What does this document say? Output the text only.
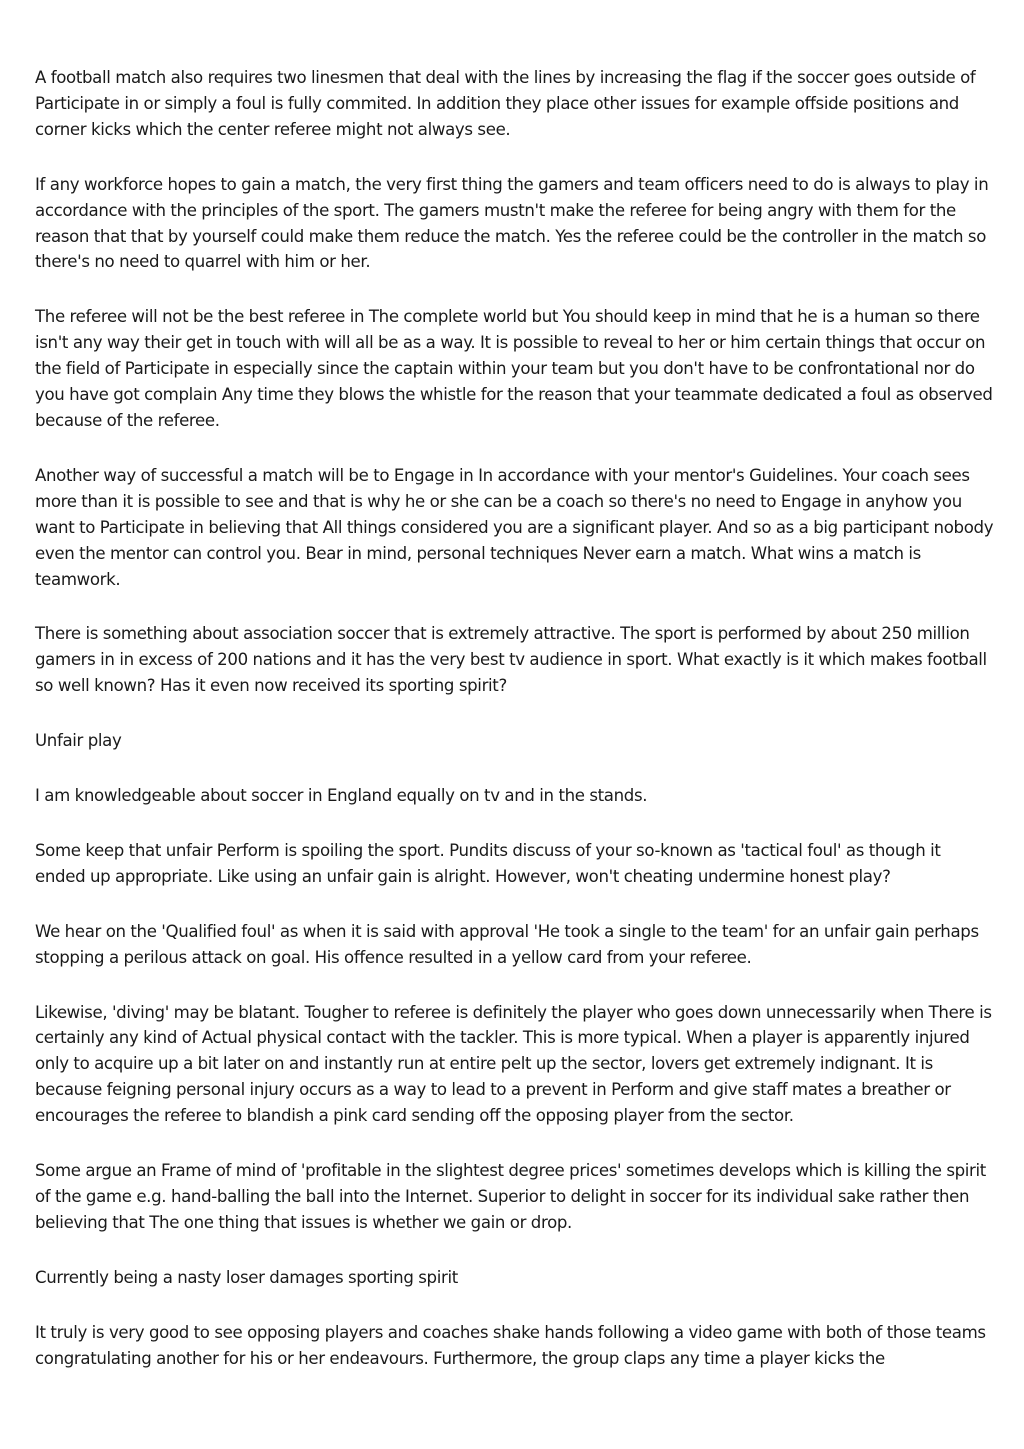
A football match also requires two linesmen that deal with the lines by increasing the flag if the soccer goes outside of Participate in or simply a foul is fully commited. In addition they place other issues for example offside positions and corner kicks which the center referee might not always see.

If any workforce hopes to gain a match, the very first thing the gamers and team officers need to do is always to play in accordance with the principles of the sport. The gamers mustn't make the referee for being angry with them for the reason that that by yourself could make them reduce the match. Yes the referee could be the controller in the match so there's no need to quarrel with him or her.

The referee will not be the best referee in The complete world but You should keep in mind that he is a human so there isn't any way their get in touch with will all be as a way. It is possible to reveal to her or him certain things that occur on the field of Participate in especially since the captain within your team but you don't have to be confrontational nor do you have got complain Any time they blows the whistle for the reason that your teammate dedicated a foul as observed because of the referee.

Another way of successful a match will be to Engage in In accordance with your mentor's Guidelines. Your coach sees more than it is possible to see and that is why he or she can be a coach so there's no need to Engage in anyhow you want to Participate in believing that All things considered you are a significant player. And so as a big participant nobody even the mentor can control you. Bear in mind, personal techniques Never earn a match. What wins a match is teamwork.

There is something about association soccer that is extremely attractive. The sport is performed by about 250 million gamers in in excess of 200 nations and it has the very best tv audience in sport. What exactly is it which makes football so well known? Has it even now received its sporting spirit?

Unfair play

I am knowledgeable about soccer in England equally on tv and in the stands.

Some keep that unfair Perform is spoiling the sport. Pundits discuss of your so-known as 'tactical foul' as though it ended up appropriate. Like using an unfair gain is alright. However, won't cheating undermine honest play?

We hear on the 'Qualified foul' as when it is said with approval 'He took a single to the team' for an unfair gain perhaps stopping a perilous attack on goal. His offence resulted in a yellow card from your referee.

Likewise, 'diving' may be blatant. Tougher to referee is definitely the player who goes down unnecessarily when There is certainly any kind of Actual physical contact with the tackler. This is more typical. When a player is apparently injured only to acquire up a bit later on and instantly run at entire pelt up the sector, lovers get extremely indignant. It is because feigning personal injury occurs as a way to lead to a prevent in Perform and give staff mates a breather or encourages the referee to blandish a pink card sending off the opposing player from the sector.

Some argue an Frame of mind of 'profitable in the slightest degree prices' sometimes develops which is killing the spirit of the game e.g. hand-balling the ball into the Internet. Superior to delight in soccer for its individual sake rather then believing that The one thing that issues is whether we gain or drop.

Currently being a nasty loser damages sporting spirit

It truly is very good to see opposing players and coaches shake hands following a video game with both of those teams congratulating another for his or her endeavours. Furthermore, the group claps any time a player kicks the
